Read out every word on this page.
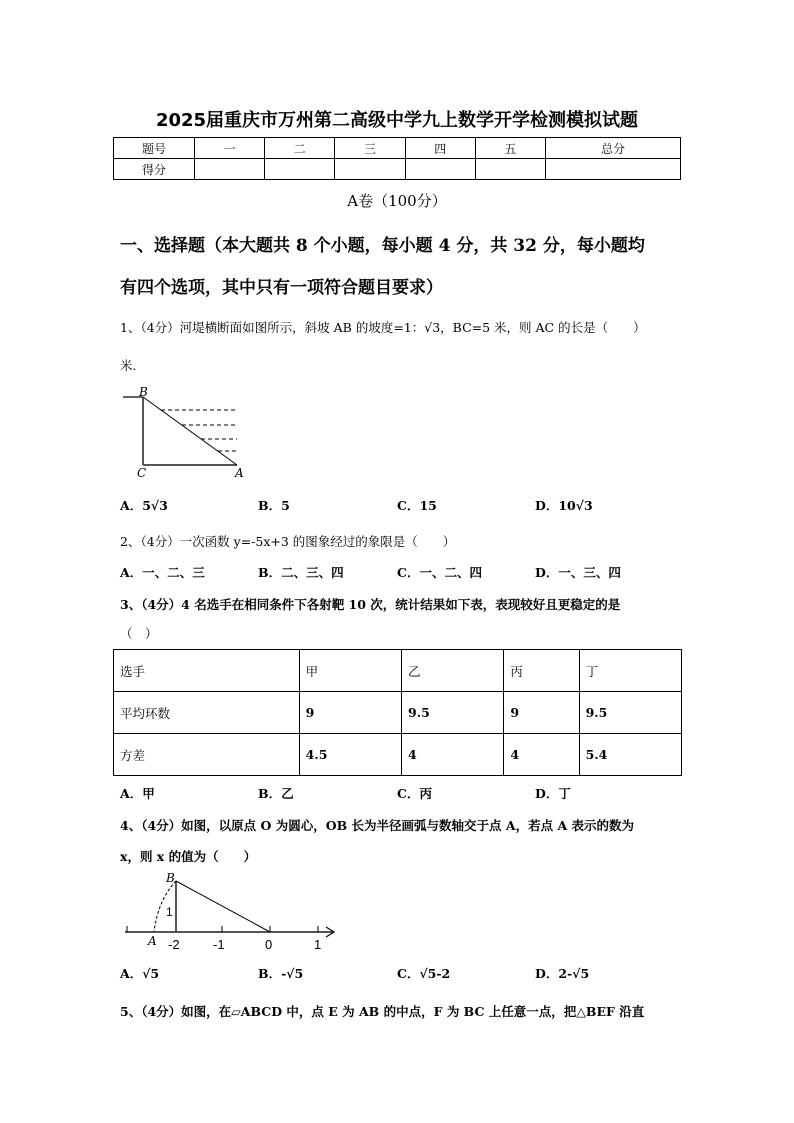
2025届重庆市万州第二高级中学九上数学开学检测模拟试题
题号	一	二	三	四	五	总分
得分						
A卷（100分）
一、选择题（本大题共 8 个小题，每小题 4 分，共 32 分，每小题均
有四个选项，其中只有一项符合题目要求）
1、（4分）河堤横断面如图所示，斜坡 AB 的坡度=1：√3，BC=5 米，则 AC 的长是（　　）
米.
B
C	A
A．5√3	B．5	C．15	D．10√3
2、（4分）一次函数 y=-5x+3 的图象经过的象限是（　　）
A．一、二、三	B．二、三、四	C．一、二、四	D．一、三、四
3、（4分）4 名选手在相同条件下各射靶 10 次，统计结果如下表，表现较好且更稳定的是
（　）
选手	甲	乙	丙	丁
平均环数	9	9.5	9	9.5
方差	4.5	4	4	5.4
A．甲	B．乙	C．丙	D．丁
4、（4分）如图，以原点 O 为圆心，OB 长为半径画弧与数轴交于点 A，若点 A 表示的数为
x，则 x 的值为（　　）
B
A
1
-2	-1	0	1
A．√5	B．-√5	C．√5-2	D．2-√5
5、（4分）如图，在▱ABCD 中，点 E 为 AB 的中点，F 为 BC 上任意一点，把△BEF 沿直
